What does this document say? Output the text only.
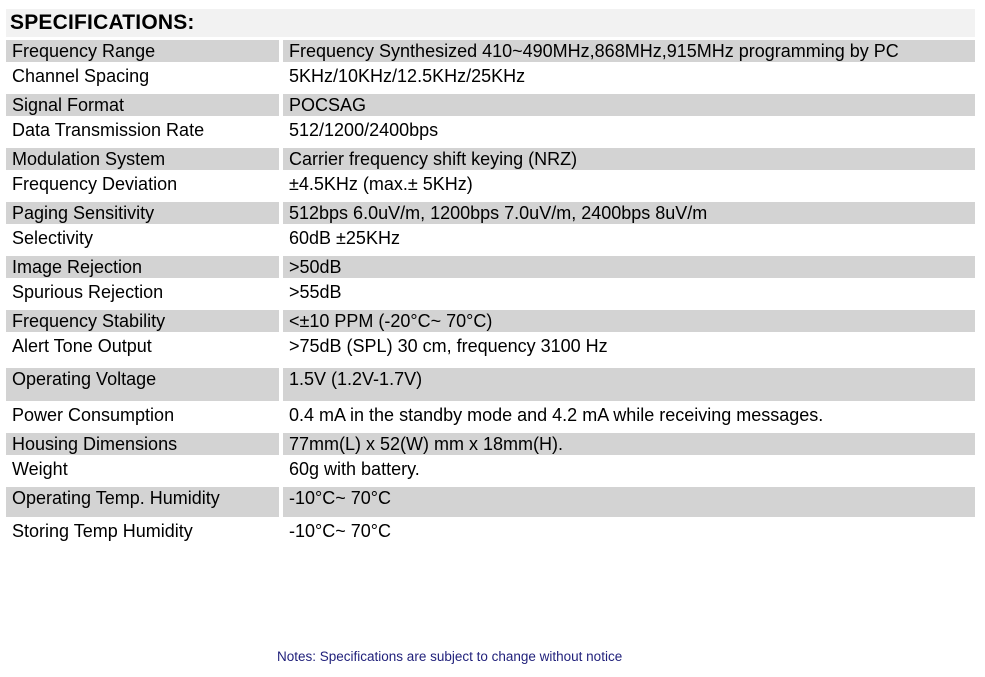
SPECIFICATIONS:
Frequency Range	Frequency Synthesized 410~490MHz,868MHz,915MHz programming by PC
Channel Spacing	5KHz/10KHz/12.5KHz/25KHz
Signal Format	POCSAG
Data Transmission Rate	512/1200/2400bps
Modulation System	Carrier frequency shift keying (NRZ)
Frequency Deviation	±4.5KHz (max.± 5KHz)
Paging Sensitivity	512bps 6.0uV/m, 1200bps 7.0uV/m, 2400bps 8uV/m
Selectivity	60dB ±25KHz
Image Rejection	>50dB
Spurious Rejection	>55dB
Frequency Stability	<±10 PPM (-20°C~ 70°C)
Alert Tone Output	>75dB (SPL) 30 cm, frequency 3100 Hz
Operating Voltage	1.5V (1.2V-1.7V)
Power Consumption	0.4 mA in the standby mode and 4.2 mA while receiving messages.
Housing Dimensions	77mm(L) x 52(W) mm x 18mm(H).
Weight	60g with battery.
Operating Temp. Humidity	-10°C~ 70°C
Storing Temp Humidity	-10°C~ 70°C
Notes: Specifications are subject to change without notice
